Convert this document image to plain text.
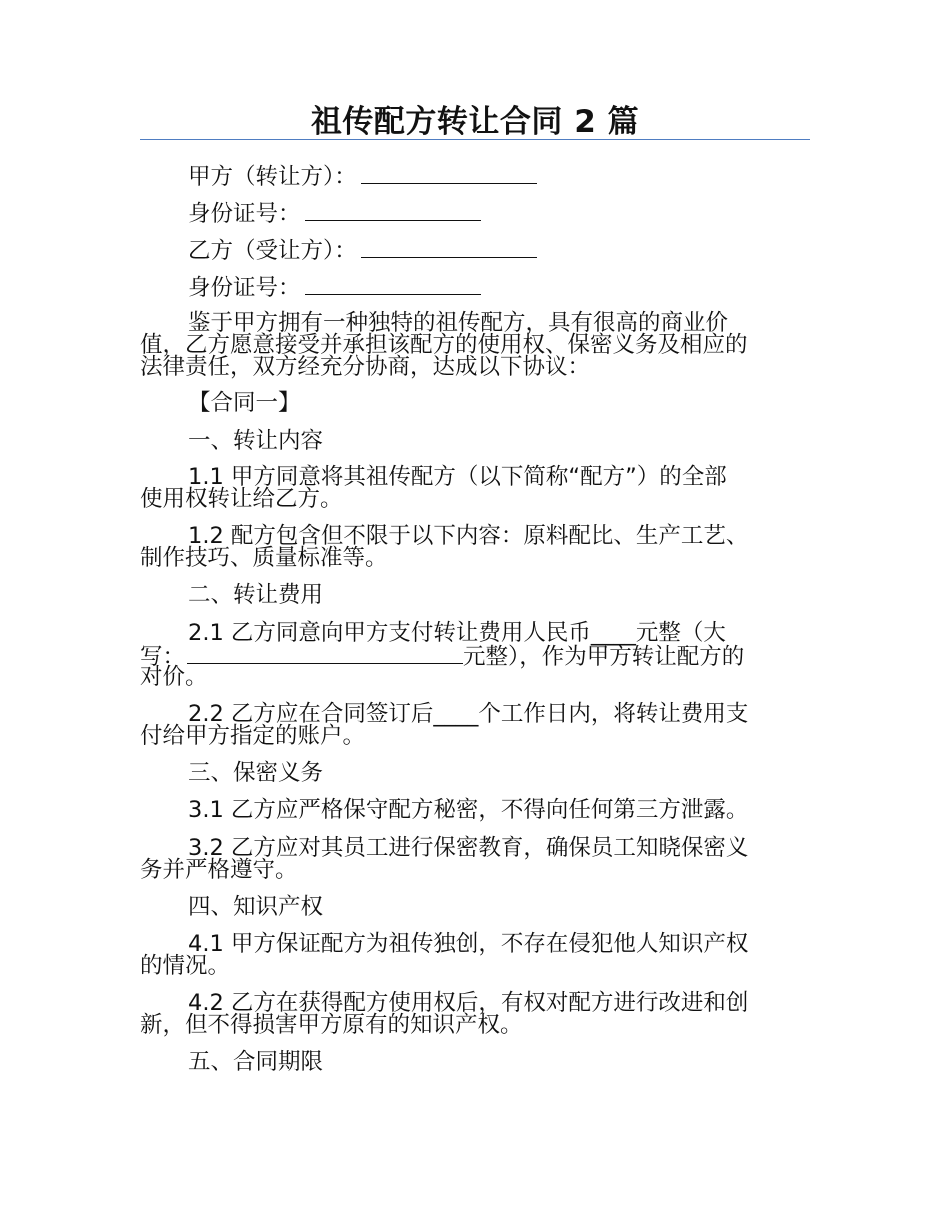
祖传配方转让合同 2 篇
甲方（转让方）：
身份证号：
乙方（受让方）：
身份证号：
鉴于甲方拥有一种独特的祖传配方，具有很高的商业价
值，乙方愿意接受并承担该配方的使用权、保密义务及相应的
法律责任，双方经充分协商，达成以下协议：
【合同一】
一、转让内容
1.1 甲方同意将其祖传配方（以下简称“配方”）的全部
使用权转让给乙方。
1.2 配方包含但不限于以下内容：原料配比、生产工艺、
制作技巧、质量标准等。
二、转让费用
2.1 乙方同意向甲方支付转让费用人民币____元整（大
写：	元整），作为甲方转让配方的
对价。
2.2 乙方应在合同签订后____个工作日内，将转让费用支
付给甲方指定的账户。
三、保密义务
3.1 乙方应严格保守配方秘密，不得向任何第三方泄露。
3.2 乙方应对其员工进行保密教育，确保员工知晓保密义
务并严格遵守。
四、知识产权
4.1 甲方保证配方为祖传独创，不存在侵犯他人知识产权
的情况。
4.2 乙方在获得配方使用权后，有权对配方进行改进和创
新，但不得损害甲方原有的知识产权。
五、合同期限
